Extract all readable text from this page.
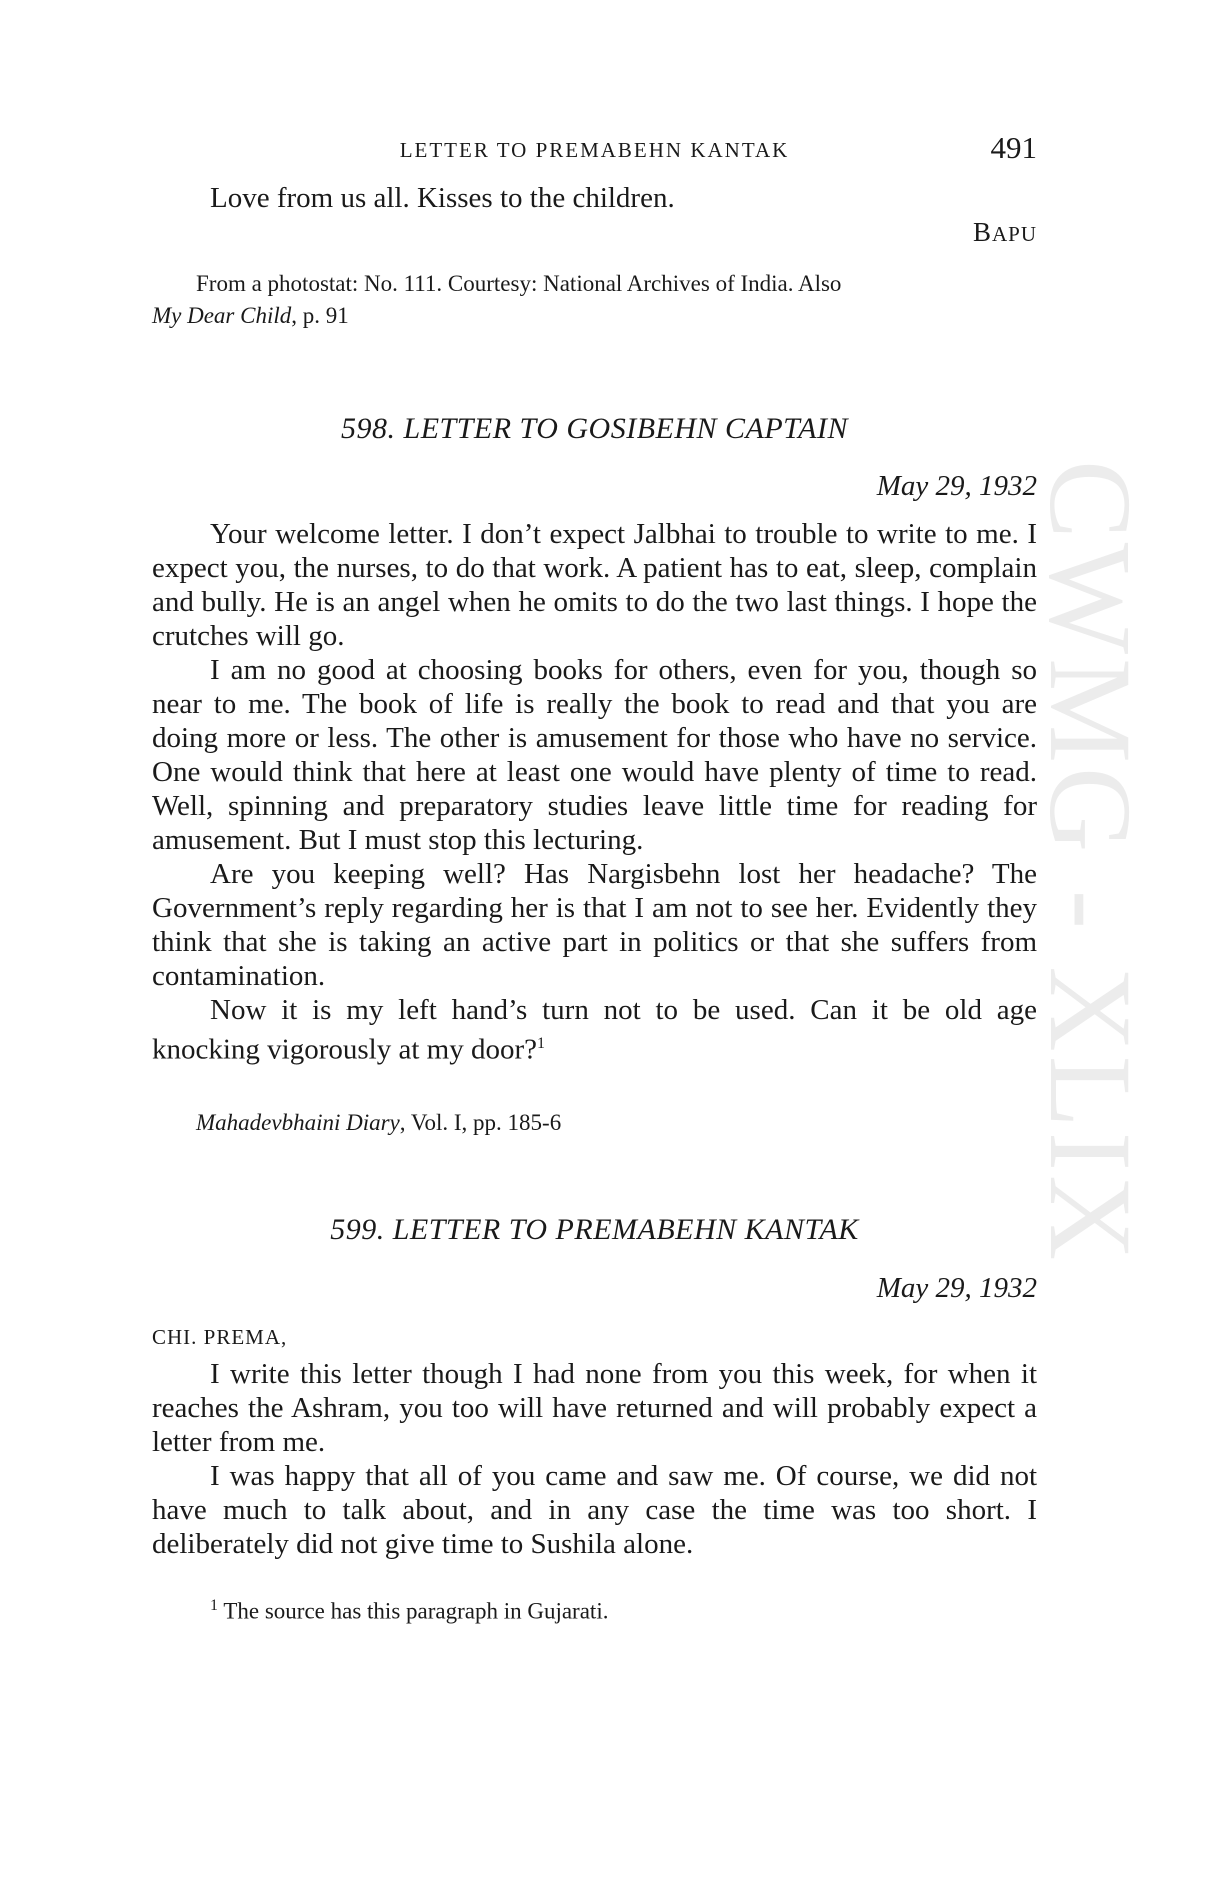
CWMG - XLIX
LETTER TO PREMABEHN KANTAK	491

Love from us all. Kisses to the children.

BAPU

From a photostat: No. 111. Courtesy: National Archives of India. Also

My Dear Child, p. 91

598. LETTER TO GOSIBEHN CAPTAIN
May 29, 1932

Your welcome letter. I don’t expect Jalbhai to trouble to write to me. I expect you, the nurses, to do that work. A patient has to eat, sleep, complain and bully. He is an angel when he omits to do the two last things. I hope the crutches will go.

I am no good at choosing books for others, even for you, though so near to me. The book of life is really the book to read and that you are doing more or less. The other is amusement for those who have no service. One would think that here at least one would have plenty of time to read. Well, spinning and preparatory studies leave little time for reading for amusement. But I must stop this lecturing.

Are you keeping well? Has Nargisbehn lost her headache? The Government’s reply regarding her is that I am not to see her. Evidently they think that she is taking an active part in politics or that she suffers from contamination.

Now it is my left hand’s turn not to be used. Can it be old age knocking vigorously at my door?$^1$

Mahadevbhaini Diary, Vol. I, pp. 185-6

599. LETTER TO PREMABEHN KANTAK
May 29, 1932
CHI. PREMA,

I write this letter though I had none from you this week, for when it reaches the Ashram, you too will have returned and will probably expect a letter from me.

I was happy that all of you came and saw me. Of course, we did not have much to talk about, and in any case the time was too short. I deliberately did not give time to Sushila alone.

$^1$ The source has this paragraph in Gujarati.
